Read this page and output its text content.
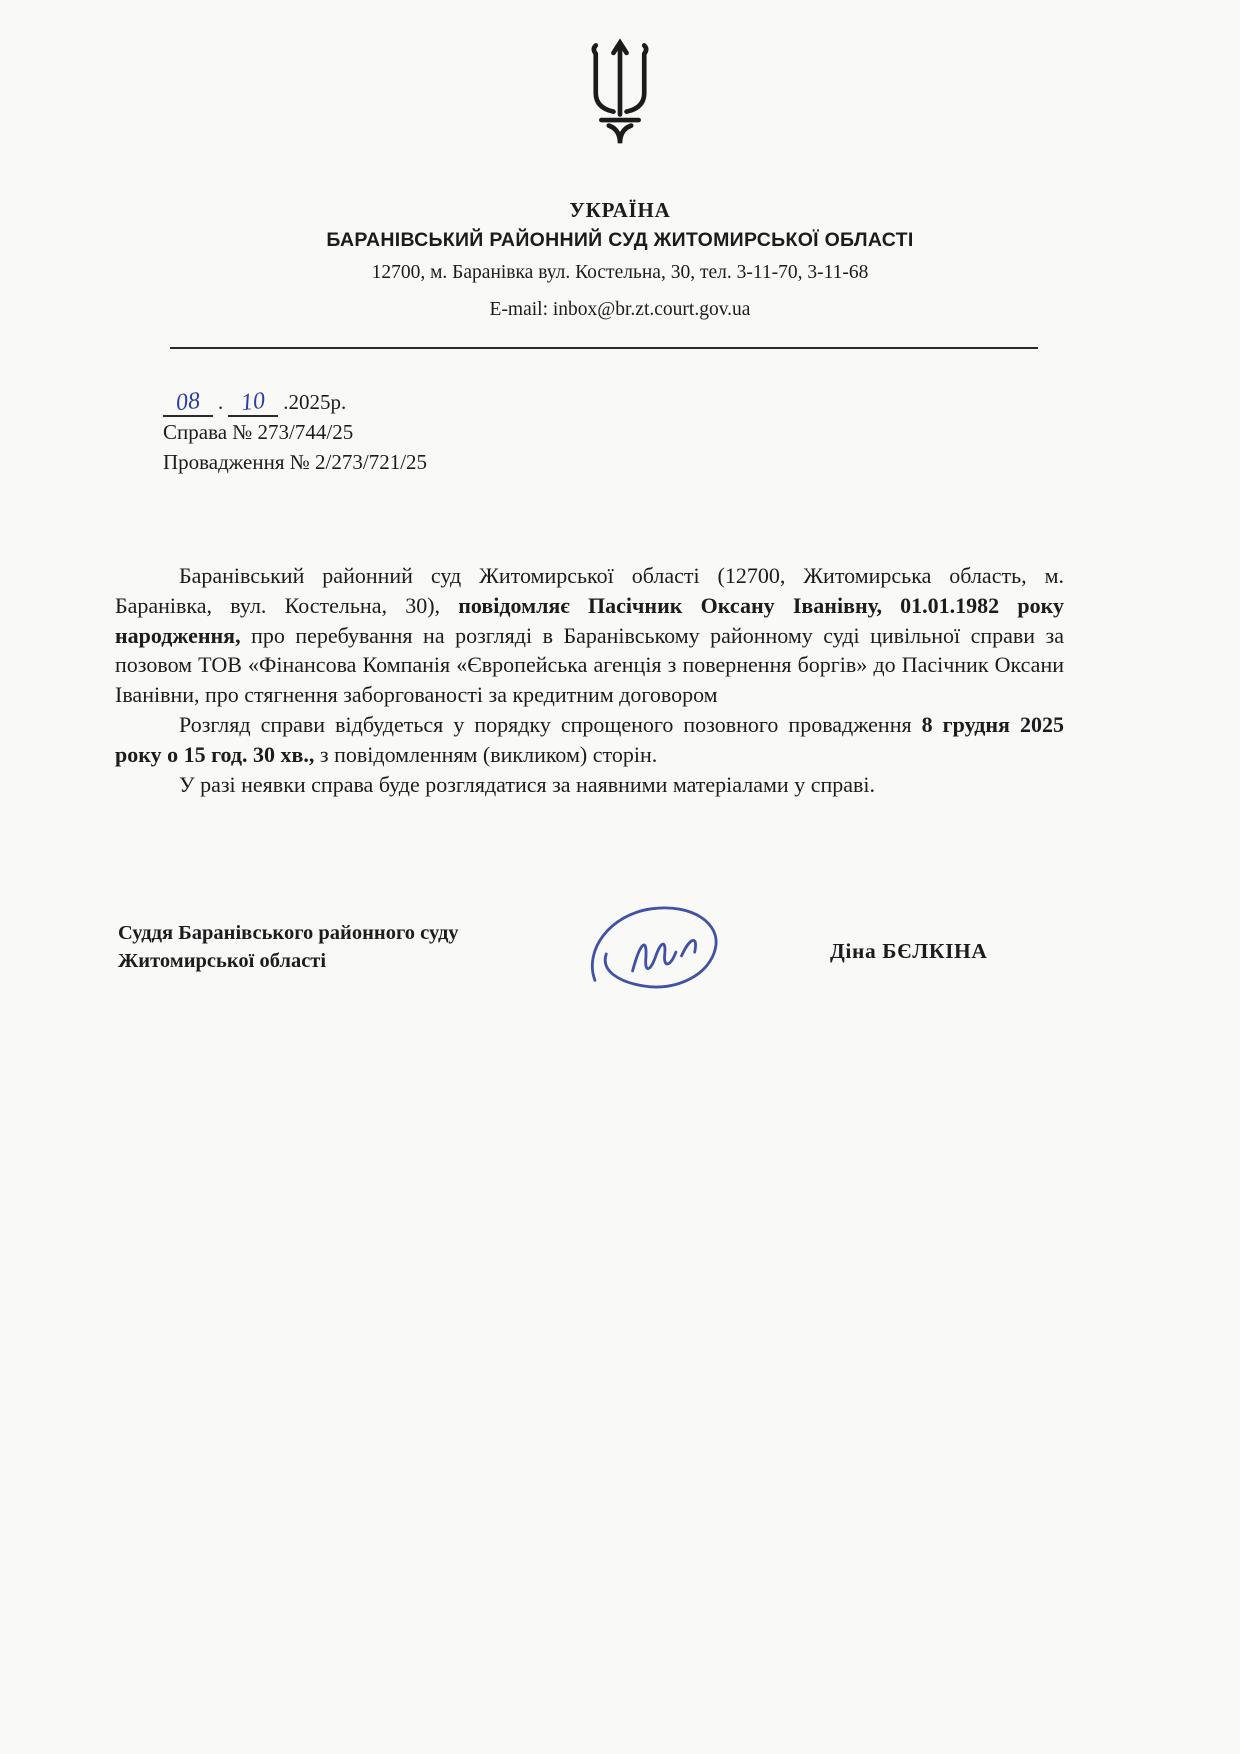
УКРАЇНА
БАРАНІВСЬКИЙ РАЙОННИЙ СУД ЖИТОМИРСЬКОЇ ОБЛАСТІ
12700, м. Баранівка вул. Костельна, 30, тел. 3-11-70, 3-11-68
E-mail: inbox@br.zt.court.gov.ua
08 . 10 .2025р.
Справа № 273/744/25
Провадження № 2/273/721/25

Баранівський районний суд Житомирської області (12700, Житомирська область, м. Баранівка, вул. Костельна, 30), повідомляє Пасічник Оксану Іванівну, 01.01.1982 року народження, про перебування на розгляді в Баранівському районному суді цивільної справи за позовом ТОВ «Фінансова Компанія «Європейська агенція з повернення боргів» до Пасічник Оксани Іванівни, про стягнення заборгованості за кредитним договором

Розгляд справи відбудеться у порядку спрощеного позовного провадження 8 грудня 2025 року о 15 год. 30 хв., з повідомленням (викликом) сторін.

У разі неявки справа буде розглядатися за наявними матеріалами у справі.

Суддя Баранівського районного суду
Житомирської області	Діна БЄЛКІНА
